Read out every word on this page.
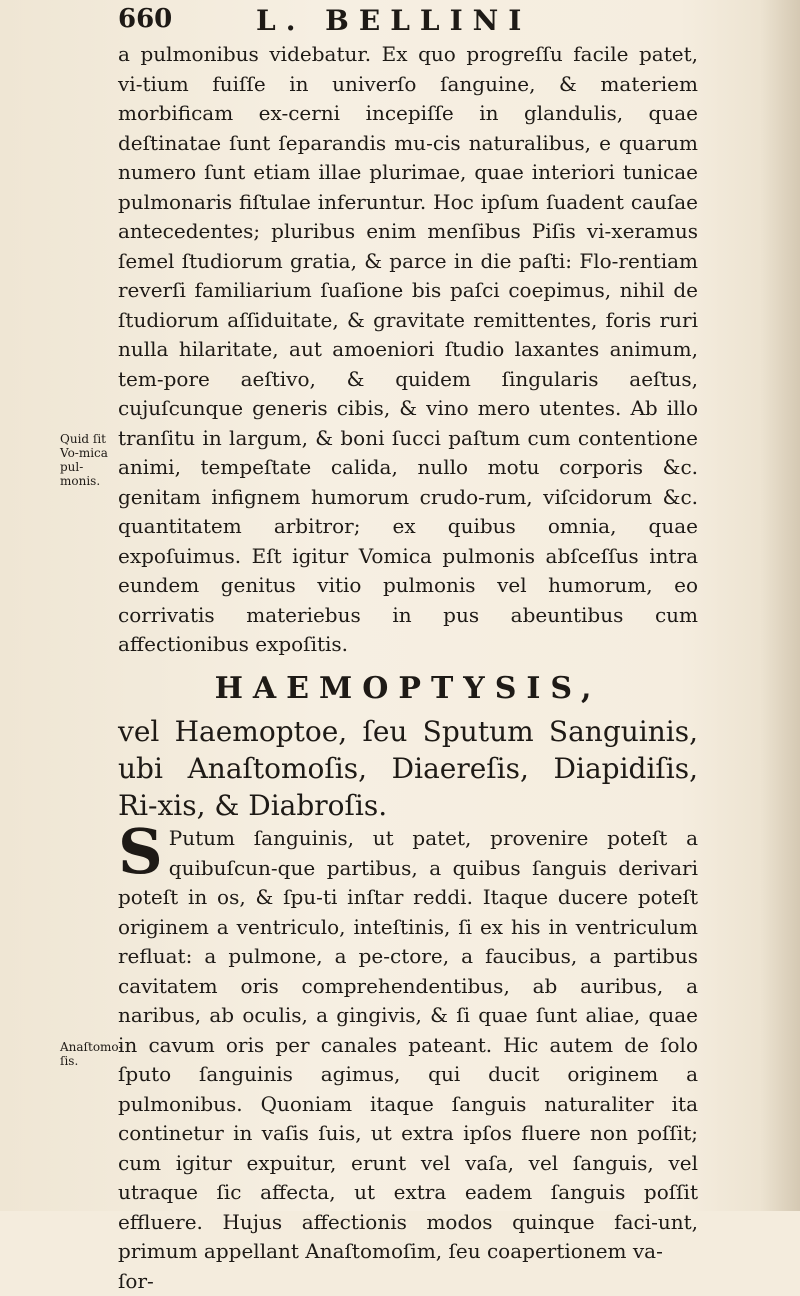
660	L. BELLINI
Quid ſit Vo-mica pul-monis.
Anaſtomo-ſis.

a pulmonibus videbatur. Ex quo progreſſu facile patet, vi-tium fuiſſe in univerſo ſanguine, & materiem morbificam ex-cerni incepiſſe in glandulis, quae deſtinatae ſunt ſeparandis mu-cis naturalibus, e quarum numero ſunt etiam illae plurimae, quae interiori tunicae pulmonaris fiſtulae inferuntur. Hoc ipſum ſuadent cauſae antecedentes; pluribus enim menſibus Piſis vi-xeramus ſemel ſtudiorum gratia, & parce in die paſti: Flo-rentiam reverſi familiarium ſuaſione bis paſci coepimus, nihil de ſtudiorum aſſiduitate, & gravitate remittentes, foris ruri nulla hilaritate, aut amoeniori ſtudio laxantes animum, tem-pore aeſtivo, & quidem ſingularis aeſtus, cujuſcunque generis cibis, & vino mero utentes. Ab illo tranſitu in largum, & boni ſucci paſtum cum contentione animi, tempeſtate calida, nullo motu corporis &c. genitam infignem humorum crudo-rum, viſcidorum &c. quantitatem arbitror; ex quibus omnia, quae expoſuimus. Eſt igitur Vomica pulmonis abſceſſus intra eundem genitus vitio pulmonis vel humorum, eo corrivatis materiebus in pus abeuntibus cum affectionibus expoſitis.

HAEMOPTYSIS,

vel Haemoptoe, ſeu Sputum Sanguinis, ubi Anaſtomoſis, Diaereſis, Diapidiſis, Ri-xis, & Diabroſis.

S Putum ſanguinis, ut patet, provenire poteſt a quibuſcun-que partibus, a quibus ſanguis derivari poteſt in os, & ſpu-ti inſtar reddi. Itaque ducere poteſt originem a ventriculo, inteſtinis, ſi ex his in ventriculum refluat: a pulmone, a pe-ctore, a faucibus, a partibus cavitatem oris comprehendentibus, ab auribus, a naribus, ab oculis, a gingivis, & ſi quae ſunt aliae, quae in cavum oris per canales pateant. Hic autem de ſolo ſputo ſanguinis agimus, qui ducit originem a pulmonibus. Quoniam itaque ſanguis naturaliter ita continetur in vaſis ſuis, ut extra ipſos fluere non poſſit; cum igitur expuitur, erunt vel vaſa, vel ſanguis, vel utraque ſic affecta, ut extra eadem ſanguis poſſit effluere. Hujus affectionis modos quinque faci-unt, primum appellant Anaſtomoſim, ſeu coapertionem va-

ſor-
